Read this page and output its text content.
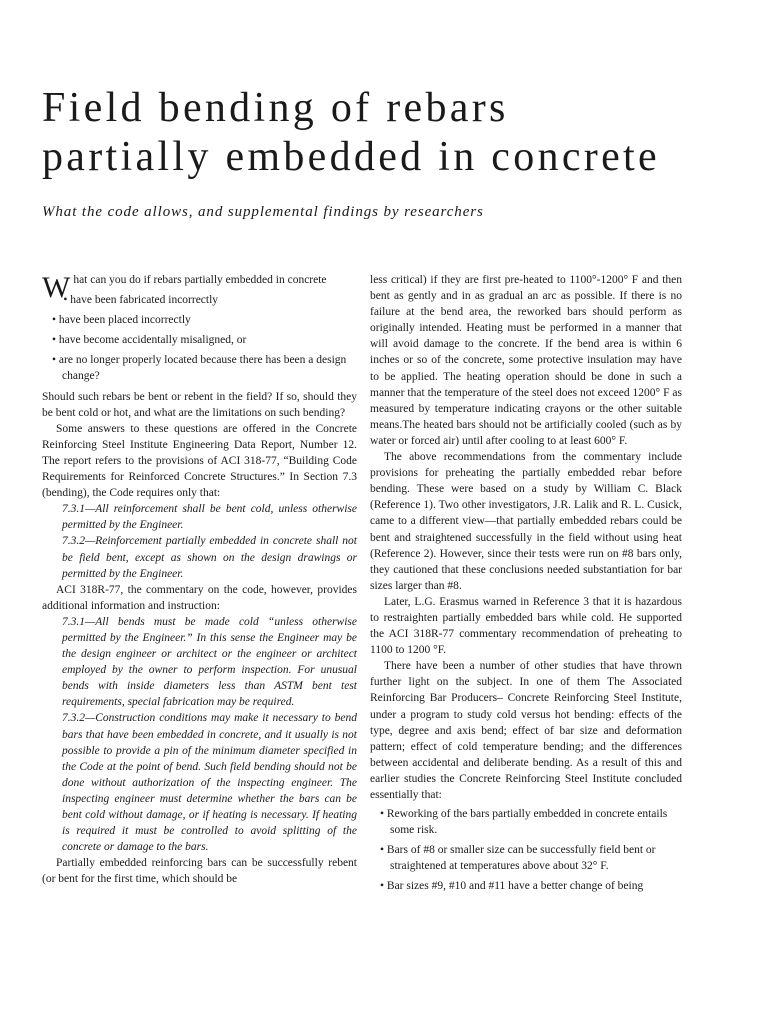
Field bending of rebars
partially embedded in concrete

What the code allows, and supplemental findings by researchers

What can you do if rebars partially embedded in concrete

• have been fabricated incorrectly
• have been placed incorrectly
• have become accidentally misaligned, or
• are no longer properly located because there has been a design change?

Should such rebars be bent or rebent in the field? If so, should they be bent cold or hot, and what are the limitations on such bending?

Some answers to these questions are offered in the Concrete Reinforcing Steel Institute Engineering Data Report, Number 12. The report refers to the provisions of ACI 318-77, “Building Code Requirements for Reinforced Concrete Structures.” In Section 7.3 (bending), the Code requires only that:

7.3.1—All reinforcement shall be bent cold, unless otherwise permitted by the Engineer.

7.3.2—Reinforcement partially embedded in concrete shall not be field bent, except as shown on the design drawings or permitted by the Engineer.

ACI 318R-77, the commentary on the code, however, provides additional information and instruction:

7.3.1—All bends must be made cold “unless otherwise permitted by the Engineer.” In this sense the Engineer may be the design engineer or architect or the engineer or architect employed by the owner to perform inspection. For unusual bends with inside diameters less than ASTM bent test requirements, special fabrication may be required.

7.3.2—Construction conditions may make it necessary to bend bars that have been embedded in concrete, and it usually is not possible to provide a pin of the minimum diameter specified in the Code at the point of bend. Such field bending should not be done without authorization of the inspecting engineer. The inspecting engineer must determine whether the bars can be bent cold without damage, or if heating is necessary. If heating is required it must be controlled to avoid splitting of the concrete or damage to the bars.

Partially embedded reinforcing bars can be successfully rebent (or bent for the first time, which should be

less critical) if they are first pre-heated to 1100°-1200° F and then bent as gently and in as gradual an arc as possible. If there is no failure at the bend area, the reworked bars should perform as originally intended. Heating must be performed in a manner that will avoid damage to the concrete. If the bend area is within 6 inches or so of the concrete, some protective insulation may have to be applied. The heating operation should be done in such a manner that the temperature of the steel does not exceed 1200° F as measured by temperature indicating crayons or the other suitable means.The heated bars should not be artificially cooled (such as by water or forced air) until after cooling to at least 600° F.

The above recommendations from the commentary include provisions for preheating the partially embedded rebar before bending. These were based on a study by William C. Black (Reference 1). Two other investigators, J.R. Lalik and R. L. Cusick, came to a different view—that partially embedded rebars could be bent and straightened successfully in the field without using heat (Reference 2). However, since their tests were run on #8 bars only, they cautioned that these conclusions needed substantiation for bar sizes larger than #8.

Later, L.G. Erasmus warned in Reference 3 that it is hazardous to restraighten partially embedded bars while cold. He supported the ACI 318R-77 commentary recommendation of preheating to 1100 to 1200 °F.

There have been a number of other studies that have thrown further light on the subject. In one of them The Associated Reinforcing Bar Producers– Concrete Reinforcing Steel Institute, under a program to study cold versus hot bending: effects of the type, degree and axis bend; effect of bar size and deformation pattern; effect of cold temperature bending; and the differences between accidental and deliberate bending. As a result of this and earlier studies the Concrete Reinforcing Steel Institute concluded essentially that:

• Reworking of the bars partially embedded in concrete entails some risk.
• Bars of #8 or smaller size can be successfully field bent or straightened at temperatures above about 32° F.
• Bar sizes #9, #10 and #11 have a better change of being
